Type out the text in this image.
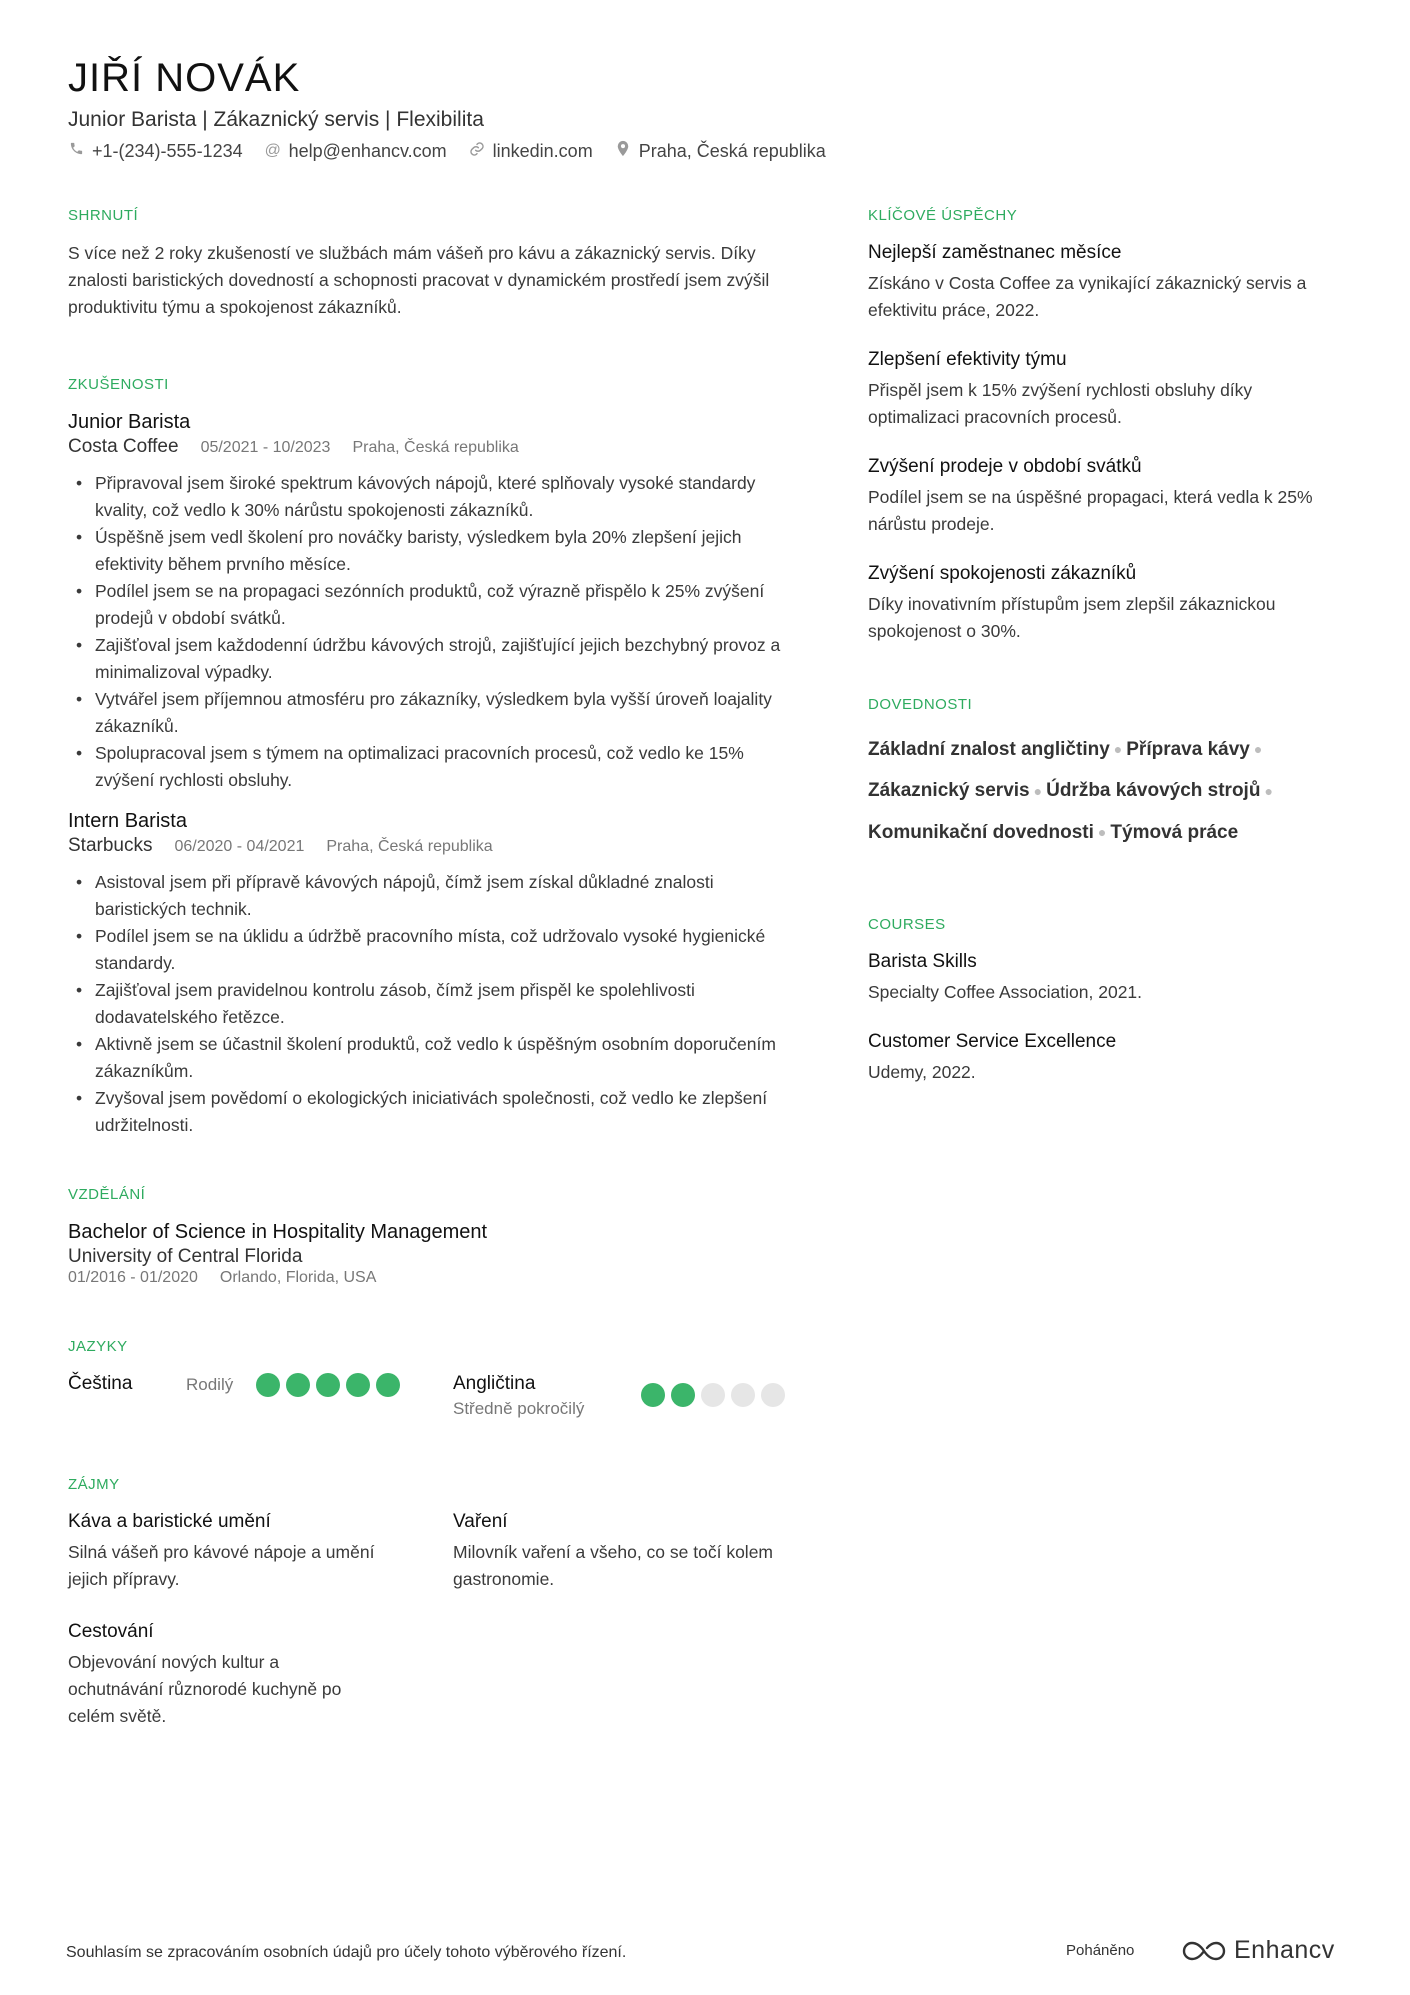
JIŘÍ NOVÁK
Junior Barista | Zákaznický servis | Flexibilita
+1-(234)-555-1234 @ help@enhancv.com	linkedin.com	Praha, Česká republika
SHRNUTÍ
S více než 2 roky zkušeností ve službách mám vášeň pro kávu a zákaznický servis. Díky znalosti baristických dovedností a schopnosti pracovat v dynamickém prostředí jsem zvýšil produktivitu týmu a spokojenost zákazníků.
ZKUŠENOSTI
Junior Barista
Costa Coffee 05/2021 - 10/2023 Praha, Česká republika
• Připravoval jsem široké spektrum kávových nápojů, které splňovaly vysoké standardy kvality, což vedlo k 30% nárůstu spokojenosti zákazníků.
• Úspěšně jsem vedl školení pro nováčky baristy, výsledkem byla 20% zlepšení jejich efektivity během prvního měsíce.
• Podílel jsem se na propagaci sezónních produktů, což výrazně přispělo k 25% zvýšení prodejů v období svátků.
• Zajišťoval jsem každodenní údržbu kávových strojů, zajišťující jejich bezchybný provoz a minimalizoval výpadky.
• Vytvářel jsem příjemnou atmosféru pro zákazníky, výsledkem byla vyšší úroveň loajality zákazníků.
• Spolupracoval jsem s týmem na optimalizaci pracovních procesů, což vedlo ke 15% zvýšení rychlosti obsluhy.
Intern Barista
Starbucks 06/2020 - 04/2021 Praha, Česká republika
• Asistoval jsem při přípravě kávových nápojů, čímž jsem získal důkladné znalosti baristických technik.
• Podílel jsem se na úklidu a údržbě pracovního místa, což udržovalo vysoké hygienické standardy.
• Zajišťoval jsem pravidelnou kontrolu zásob, čímž jsem přispěl ke spolehlivosti dodavatelského řetězce.
• Aktivně jsem se účastnil školení produktů, což vedlo k úspěšným osobním doporučením zákazníkům.
• Zvyšoval jsem povědomí o ekologických iniciativách společnosti, což vedlo ke zlepšení udržitelnosti.
VZDĚLÁNÍ
Bachelor of Science in Hospitality Management
University of Central Florida
01/2016 - 01/2020 Orlando, Florida, USA
JAZYKY
Čeština	Rodilý	Angličtina
Středně pokročilý
ZÁJMY
Káva a baristické umění
Silná vášeň pro kávové nápoje a umění jejich přípravy.
Vaření
Milovník vaření a všeho, co se točí kolem gastronomie.
Cestování
Objevování nových kultur a ochutnávání různorodé kuchyně po celém světě.
KLÍČOVÉ ÚSPĚCHY
Nejlepší zaměstnanec měsíce
Získáno v Costa Coffee za vynikající zákaznický servis a efektivitu práce, 2022.
Zlepšení efektivity týmu
Přispěl jsem k 15% zvýšení rychlosti obsluhy díky optimalizaci pracovních procesů.
Zvýšení prodeje v období svátků
Podílel jsem se na úspěšné propagaci, která vedla k 25% nárůstu prodeje.
Zvýšení spokojenosti zákazníků
Díky inovativním přístupům jsem zlepšil zákaznickou spokojenost o 30%.
DOVEDNOSTI
Základní znalost angličtiny ● Příprava kávy ●
Zákaznický servis ● Údržba kávových strojů ●
Komunikační dovednosti ● Týmová práce
COURSES
Barista Skills
Specialty Coffee Association, 2021.
Customer Service Excellence
Udemy, 2022.
Souhlasím se zpracováním osobních údajů pro účely tohoto výběrového řízení.	Poháněno	Enhancv
